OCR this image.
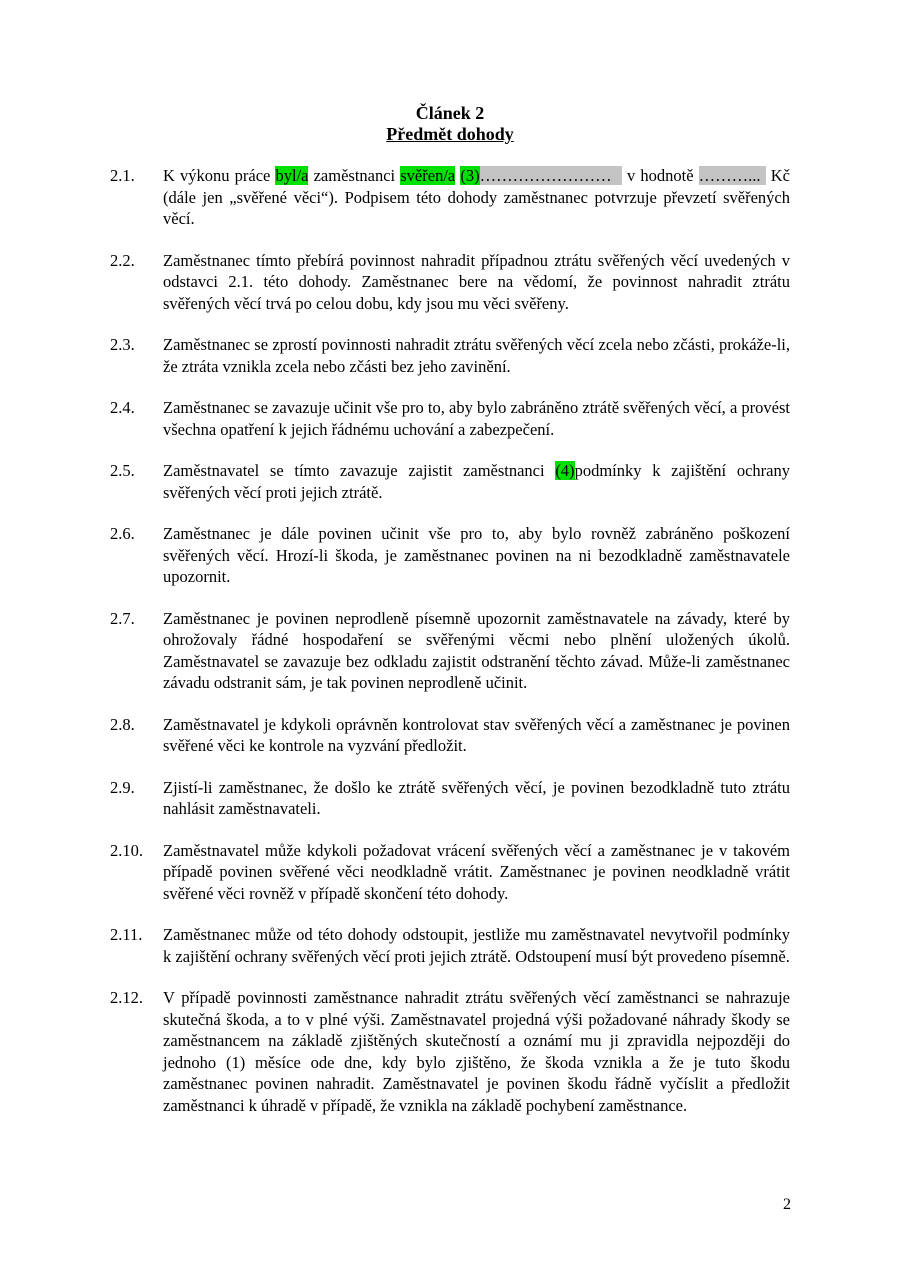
Článek 2
Předmět dohody
2.1.	K výkonu práce byl/a zaměstnanci svěřen/a (3)……………………   v hodnotě ………...  Kč (dále jen „svěřené věci“). Podpisem této dohody zaměstnanec potvrzuje převzetí svěřených věcí.
2.2.	Zaměstnanec tímto přebírá povinnost nahradit případnou ztrátu svěřených věcí uvedených v odstavci 2.1. této dohody. Zaměstnanec bere na vědomí, že povinnost nahradit ztrátu svěřených věcí trvá po celou dobu, kdy jsou mu věci svěřeny.
2.3.	Zaměstnanec se zprostí povinnosti nahradit ztrátu svěřených věcí zcela nebo zčásti, prokáže-li, že ztráta vznikla zcela nebo zčásti bez jeho zavinění.
2.4.	Zaměstnanec se zavazuje učinit vše pro to, aby bylo zabráněno ztrátě svěřených věcí, a provést všechna opatření k jejich řádnému uchování a zabezpečení.
2.5.	Zaměstnavatel se tímto zavazuje zajistit zaměstnanci (4)podmínky k zajištění ochrany svěřených věcí proti jejich ztrátě.
2.6.	Zaměstnanec je dále povinen učinit vše pro to, aby bylo rovněž zabráněno poškození svěřených věcí. Hrozí-li škoda, je zaměstnanec povinen na ni bezodkladně zaměstnavatele upozornit.
2.7.	Zaměstnanec je povinen neprodleně písemně upozornit zaměstnavatele na závady, které by ohrožovaly řádné hospodaření se svěřenými věcmi nebo plnění uložených úkolů. Zaměstnavatel se zavazuje bez odkladu zajistit odstranění těchto závad. Může-li zaměstnanec závadu odstranit sám, je tak povinen neprodleně učinit.
2.8.	Zaměstnavatel je kdykoli oprávněn kontrolovat stav svěřených věcí a zaměstnanec je povinen svěřené věci ke kontrole na vyzvání předložit.
2.9.	Zjistí-li zaměstnanec, že došlo ke ztrátě svěřených věcí, je povinen bezodkladně tuto ztrátu nahlásit zaměstnavateli.
2.10.	Zaměstnavatel může kdykoli požadovat vrácení svěřených věcí a zaměstnanec je v takovém případě povinen svěřené věci neodkladně vrátit. Zaměstnanec je povinen neodkladně vrátit svěřené věci rovněž v případě skončení této dohody.
2.11.	Zaměstnanec může od této dohody odstoupit, jestliže mu zaměstnavatel nevytvořil podmínky k zajištění ochrany svěřených věcí proti jejich ztrátě. Odstoupení musí být provedeno písemně.
2.12.	V případě povinnosti zaměstnance nahradit ztrátu svěřených věcí zaměstnanci se nahrazuje skutečná škoda, a to v plné výši. Zaměstnavatel projedná výši požadované náhrady škody se zaměstnancem na základě zjištěných skutečností a oznámí mu ji zpravidla nejpozději do jednoho (1) měsíce ode dne, kdy bylo zjištěno, že škoda vznikla a že je tuto škodu zaměstnanec povinen nahradit. Zaměstnavatel je povinen škodu řádně vyčíslit a předložit zaměstnanci k úhradě v případě, že vznikla na základě pochybení zaměstnance.
2
